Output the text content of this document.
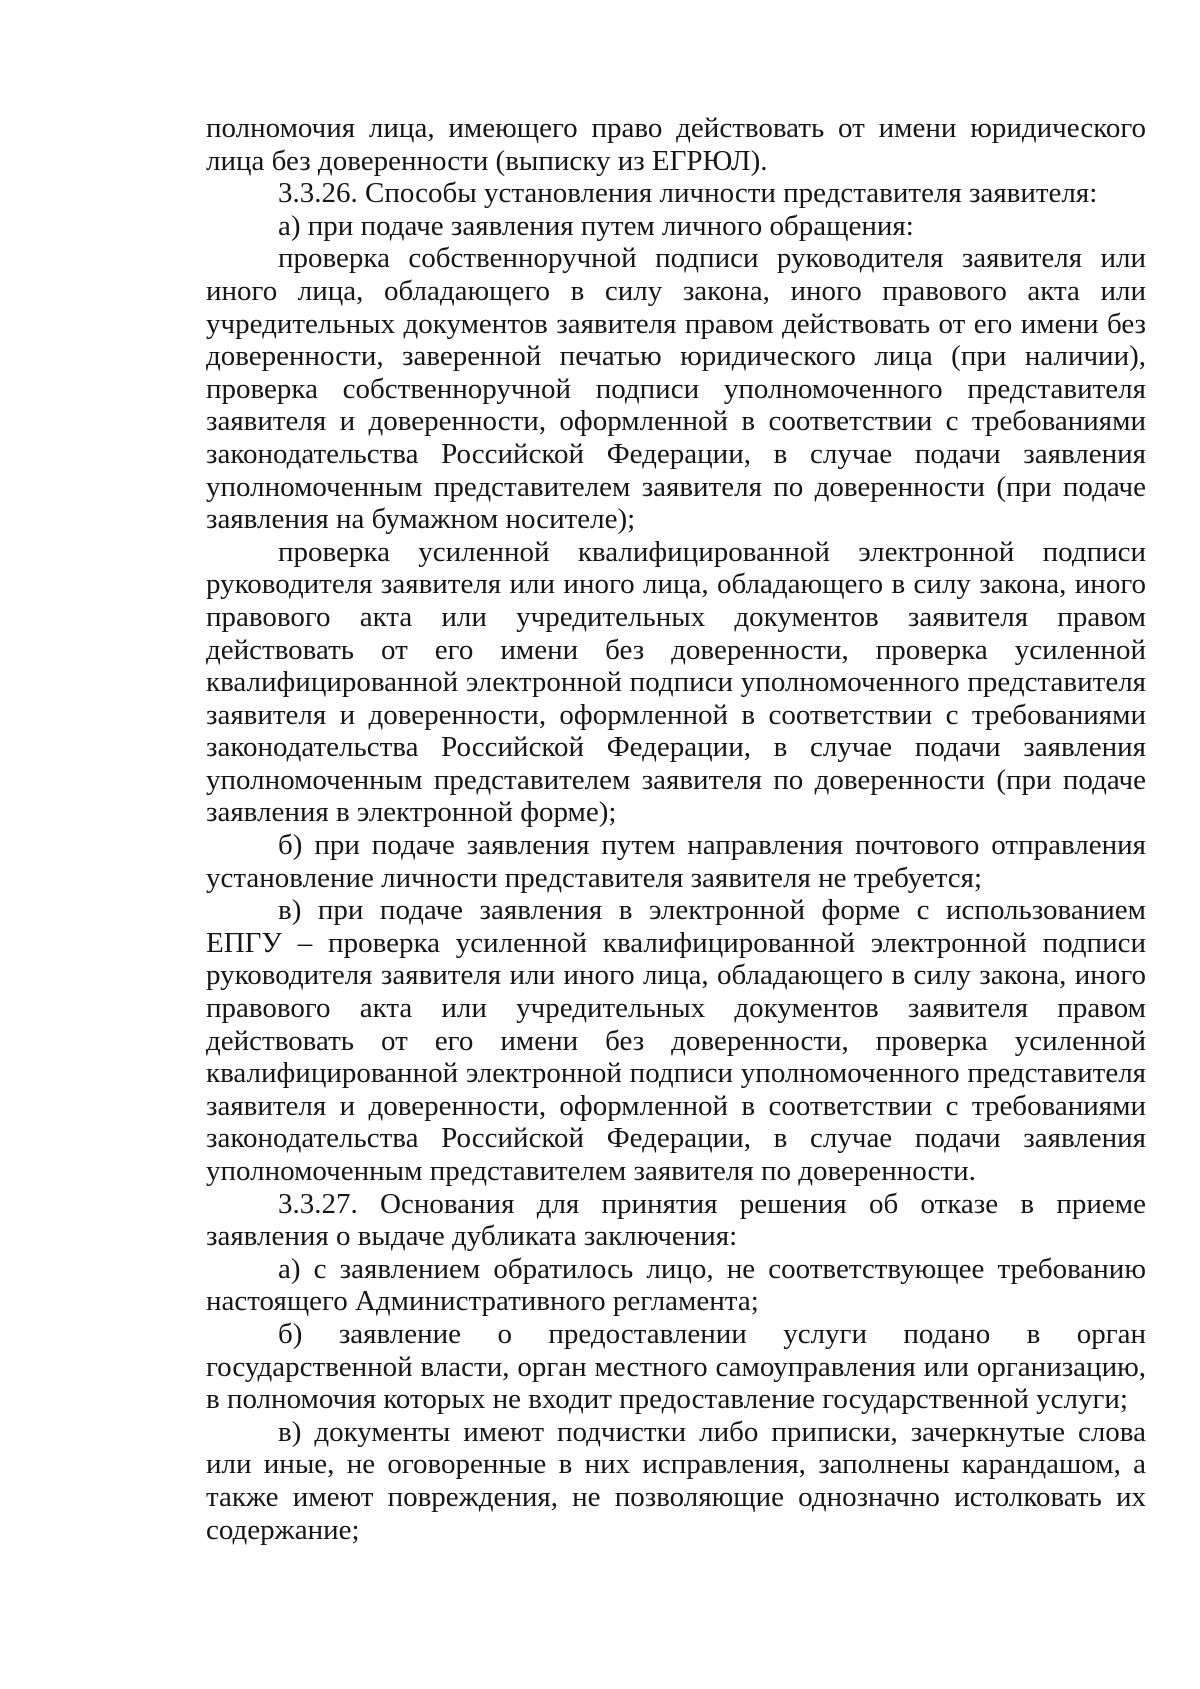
полномочия лица, имеющего право действовать от имени юридического лица без доверенности (выписку из ЕГРЮЛ).

3.3.26. Способы установления личности представителя заявителя:

а) при подаче заявления путем личного обращения:

проверка собственноручной подписи руководителя заявителя или иного лица, обладающего в силу закона, иного правового акта или учредительных документов заявителя правом действовать от его имени без доверенности, заверенной печатью юридического лица (при наличии), проверка собственноручной подписи уполномоченного представителя заявителя и доверенности, оформленной в соответствии с требованиями законодательства Российской Федерации, в случае подачи заявления уполномоченным представителем заявителя по доверенности (при подаче заявления на бумажном носителе);

проверка усиленной квалифицированной электронной подписи руководителя заявителя или иного лица, обладающего в силу закона, иного правового акта или учредительных документов заявителя правом действовать от его имени без доверенности, проверка усиленной квалифицированной электронной подписи уполномоченного представителя заявителя и доверенности, оформленной в соответствии с требованиями законодательства Российской Федерации, в случае подачи заявления уполномоченным представителем заявителя по доверенности (при подаче заявления в электронной форме);

б) при подаче заявления путем направления почтового отправления установление личности представителя заявителя не требуется;

в) при подаче заявления в электронной форме с использованием ЕПГУ – проверка усиленной квалифицированной электронной подписи руководителя заявителя или иного лица, обладающего в силу закона, иного правового акта или учредительных документов заявителя правом действовать от его имени без доверенности, проверка усиленной квалифицированной электронной подписи уполномоченного представителя заявителя и доверенности, оформленной в соответствии с требованиями законодательства Российской Федерации, в случае подачи заявления уполномоченным представителем заявителя по доверенности.

3.3.27. Основания для принятия решения об отказе в приеме заявления о выдаче дубликата заключения:

а) с заявлением обратилось лицо, не соответствующее требованию настоящего Административного регламента;

б) заявление о предоставлении услуги подано в орган государственной власти, орган местного самоуправления или организацию, в полномочия которых не входит предоставление государственной услуги;

в) документы имеют подчистки либо приписки, зачеркнутые слова или иные, не оговоренные в них исправления, заполнены карандашом, а также имеют повреждения, не позволяющие однозначно истолковать их содержание;
